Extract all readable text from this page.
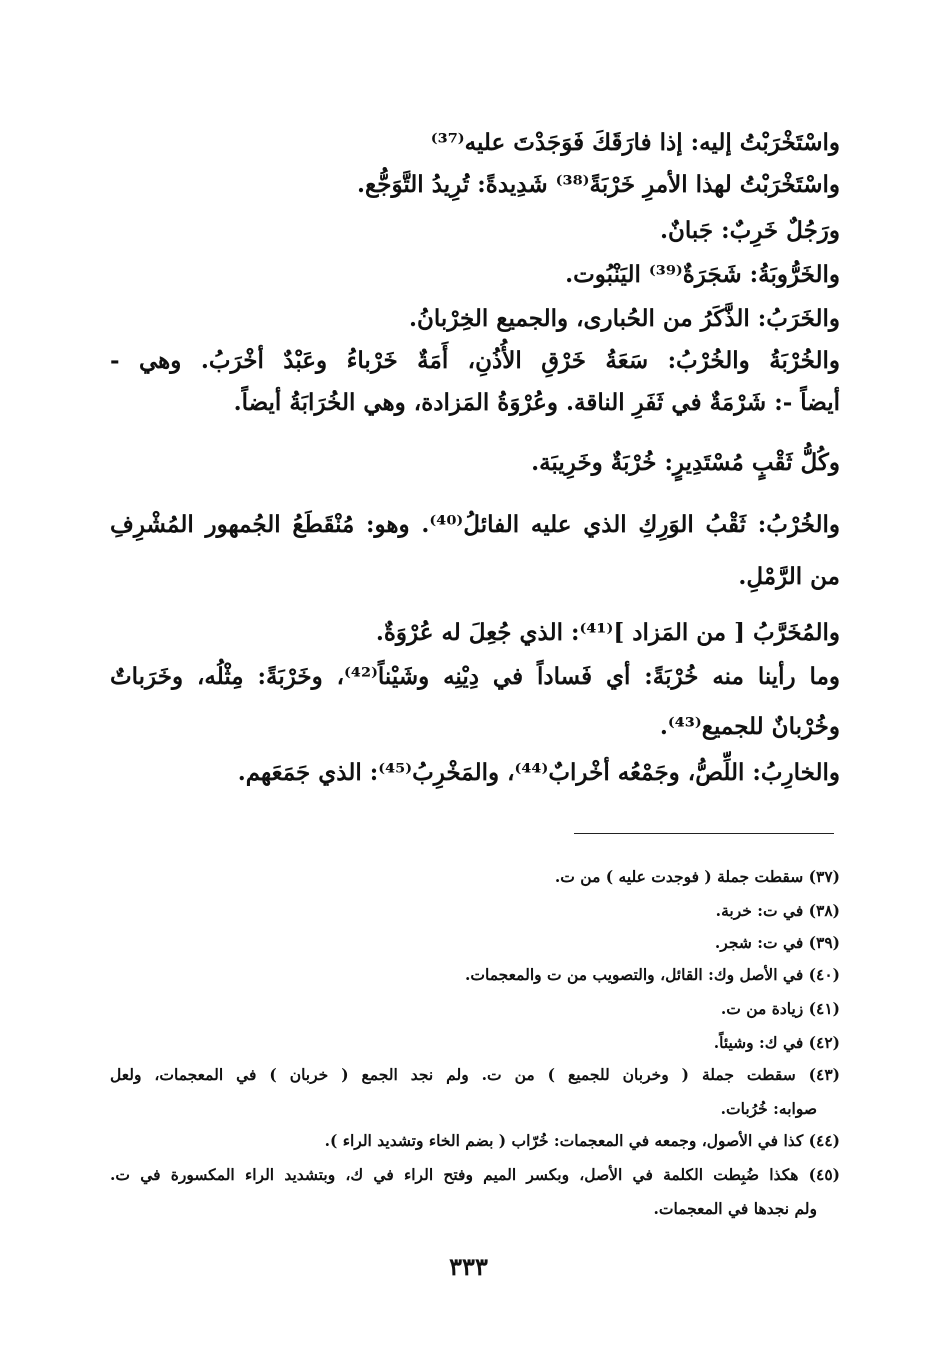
واسْتَخْرَبْتُ إليه: إذا فارَقَكَ فَوَجَدْتَ عليه⁽³⁷⁾
واسْتَخْرَبْتُ لهذا الأمرِ خَرْبَةً⁽³⁸⁾ شَدِيدةً: تُرِيدُ التَّوَجُّع.
ورَجُلٌ خَرِبٌ: جَبانٌ.
والخَرُّوبَةُ: شَجَرَةٌ⁽³⁹⁾ اليَنْبُوت.
والخَرَبُ: الذَّكَرُ من الحُبارى، والجميع الخِرْبانُ.
والخُرْبَةُ والخُرْبُ: سَعَةُ خَرْقِ الأُذُنِ، أَمَةٌ خَرْباءُ وعَبْدٌ أخْرَبُ. وهي -
أيضاً -: شَرْمَةٌ في ثَفَرِ الناقة. وعُرْوَةُ المَزادة، وهي الخُرَابَةُ أيضاً.
وكُلُّ ثَقْبٍ مُسْتَدِيرٍ: خُرْبَةٌ وخَرِيبَة.
والخُرْبُ: ثَقْبُ الوَرِكِ الذي عليه الفائلُ⁽⁴⁰⁾. وهو: مُنْقَطَعُ الجُمهور المُشْرِفِ
من الرَّمْلِ.
والمُخَرَّبُ [ من المَزاد ]⁽⁴¹⁾: الذي جُعِلَ له عُرْوَةٌ.
وما رأينا منه خُرْبَةً: أي فَساداً في دِيْنِه وشَيْناً⁽⁴²⁾، وخَرْبَةً: مِثْلُه، وخَرَباتٌ
وخُرْبانٌ للجميع⁽⁴³⁾.
والخارِبُ: اللِّصُّ، وجَمْعُه أخْرابٌ⁽⁴⁴⁾، والمَخْرِبُ⁽⁴⁵⁾: الذي جَمَعَهم.
(٣٧) سقطت جملة ( فوجدت عليه ) من ت.
(٣٨) في ت: خربة.
(٣٩) في ت: شجر.
(٤٠) في الأصل وك: القائل، والتصويب من ت والمعجمات.
(٤١) زيادة من ت.
(٤٢) في ك: وشيئاً.
(٤٣) سقطت جملة ( وخربان للجميع ) من ت. ولم نجد الجمع ( خربان ) في المعجمات، ولعل
صوابه: خُرُبات.
(٤٤) كذا في الأصول، وجمعه في المعجمات: خُرّاب ( بضم الخاء وتشديد الراء ).
(٤٥) هكذا ضُبِطت الكلمة في الأصل، وبكسر الميم وفتح الراء في ك، وبتشديد الراء المكسورة في ت.
ولم نجدها في المعجمات.
٣٣٣
